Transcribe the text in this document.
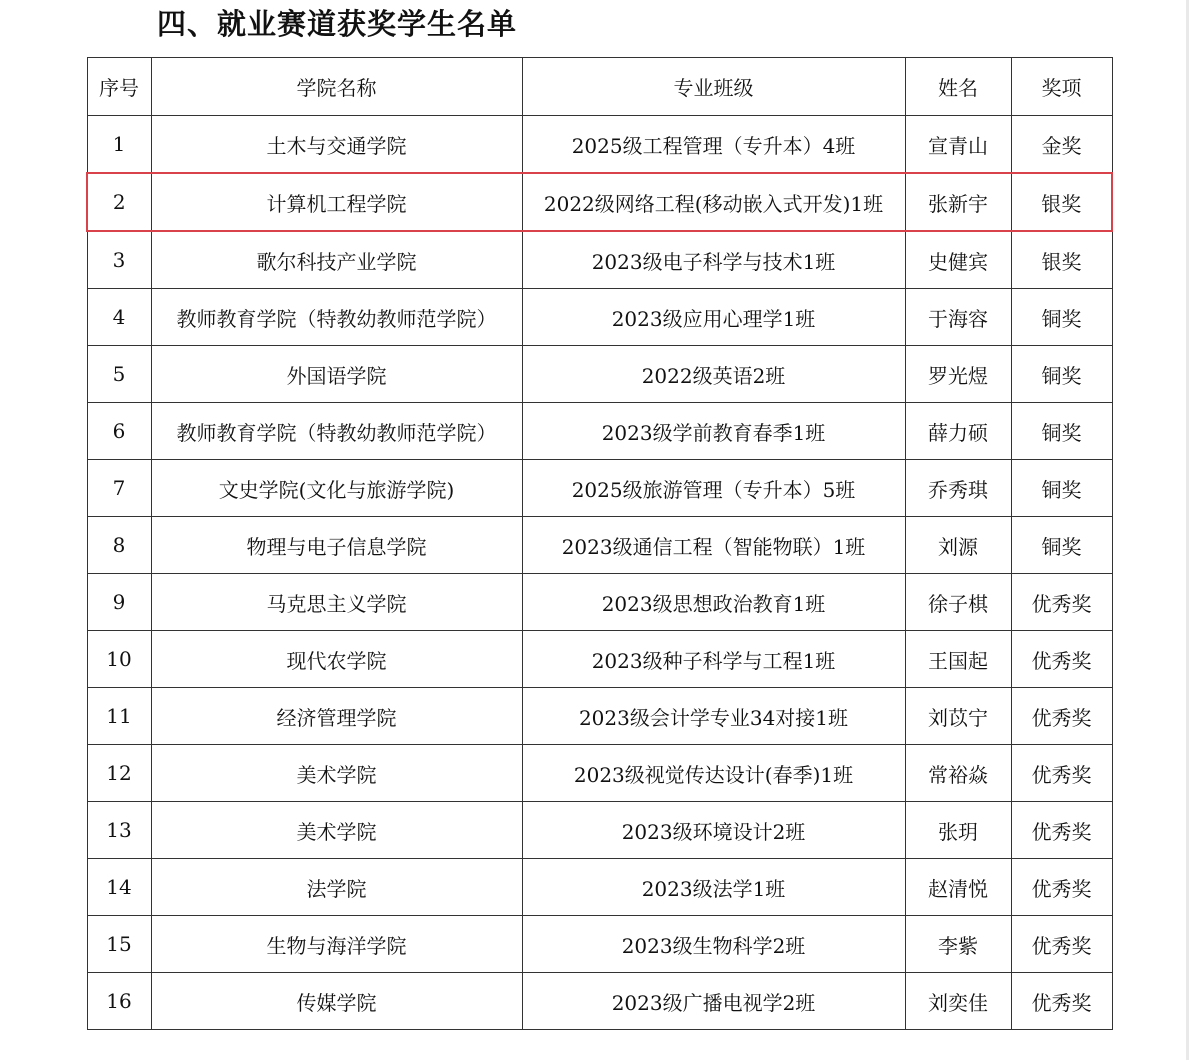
四、就业赛道获奖学生名单
序号	学院名称	专业班级	姓名	奖项
1	土木与交通学院	2025级工程管理（专升本）4班	宣青山	金奖
2	计算机工程学院	2022级网络工程(移动嵌入式开发)1班	张新宇	银奖
3	歌尔科技产业学院	2023级电子科学与技术1班	史健宾	银奖
4	教师教育学院（特教幼教师范学院）	2023级应用心理学1班	于海容	铜奖
5	外国语学院	2022级英语2班	罗光煜	铜奖
6	教师教育学院（特教幼教师范学院）	2023级学前教育春季1班	薛力硕	铜奖
7	文史学院(文化与旅游学院)	2025级旅游管理（专升本）5班	乔秀琪	铜奖
8	物理与电子信息学院	2023级通信工程（智能物联）1班	刘源	铜奖
9	马克思主义学院	2023级思想政治教育1班	徐子棋	优秀奖
10	现代农学院	2023级种子科学与工程1班	王国起	优秀奖
11	经济管理学院	2023级会计学专业34对接1班	刘苡宁	优秀奖
12	美术学院	2023级视觉传达设计(春季)1班	常裕焱	优秀奖
13	美术学院	2023级环境设计2班	张玥	优秀奖
14	法学院	2023级法学1班	赵清悦	优秀奖
15	生物与海洋学院	2023级生物科学2班	李紫	优秀奖
16	传媒学院	2023级广播电视学2班	刘奕佳	优秀奖
